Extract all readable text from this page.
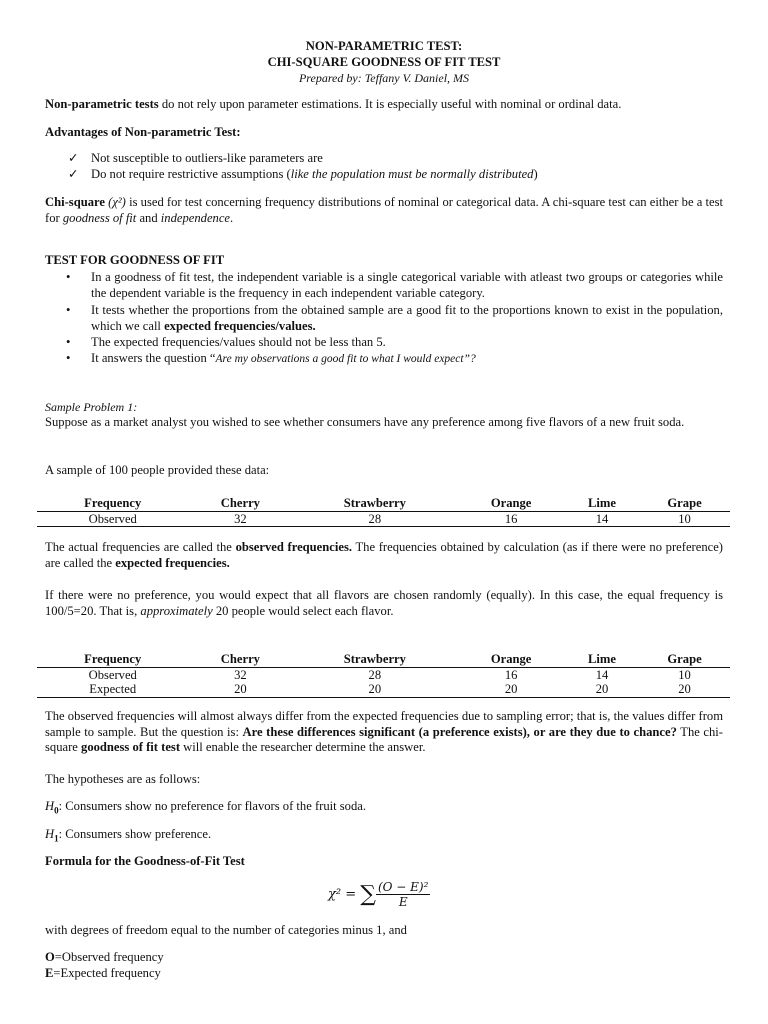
NON-PARAMETRIC TEST:
CHI-SQUARE GOODNESS OF FIT TEST
Prepared by: Teffany V. Daniel, MS
Non-parametric tests do not rely upon parameter estimations. It is especially useful with nominal or ordinal data.
Advantages of Non-parametric Test:
✓ Not susceptible to outliers-like parameters are
✓ Do not require restrictive assumptions (like the population must be normally distributed)
Chi-square (χ²) is used for test concerning frequency distributions of nominal or categorical data. A chi-square test can either be a test for goodness of fit and independence.
TEST FOR GOODNESS OF FIT
•	In a goodness of fit test, the independent variable is a single categorical variable with atleast two groups or categories while the dependent variable is the frequency in each independent variable category.
•	It tests whether the proportions from the obtained sample are a good fit to the proportions known to exist in the population, which we call expected frequencies/values.
•	The expected frequencies/values should not be less than 5.
•	It answers the question “Are my observations a good fit to what I would expect”?
Sample Problem 1:
Suppose as a market analyst you wished to see whether consumers have any preference among five flavors of a new fruit soda.
A sample of 100 people provided these data:
Frequency	Cherry	Strawberry	Orange	Lime	Grape
Observed	32	28	16	14	10
The actual frequencies are called the observed frequencies. The frequencies obtained by calculation (as if there were no preference) are called the expected frequencies.
If there were no preference, you would expect that all flavors are chosen randomly (equally). In this case, the equal frequency is 100/5=20. That is, approximately 20 people would select each flavor.
Frequency	Cherry	Strawberry	Orange	Lime	Grape
Observed	32	28	16	14	10
Expected	20	20	20	20	20
The observed frequencies will almost always differ from the expected frequencies due to sampling error; that is, the values differ from sample to sample. But the question is: Are these differences significant (a preference exists), or are they due to chance? The chi-square goodness of fit test will enable the researcher determine the answer.
The hypotheses are as follows:
$H_0$: Consumers show no preference for flavors of the fruit soda.
$H_1$: Consumers show preference.
Formula for the Goodness-of-Fit Test
χ² = ∑ $\frac{\text{(O − E)²}}{E}$
with degrees of freedom equal to the number of categories minus 1, and
O=Observed frequency
E=Expected frequency
